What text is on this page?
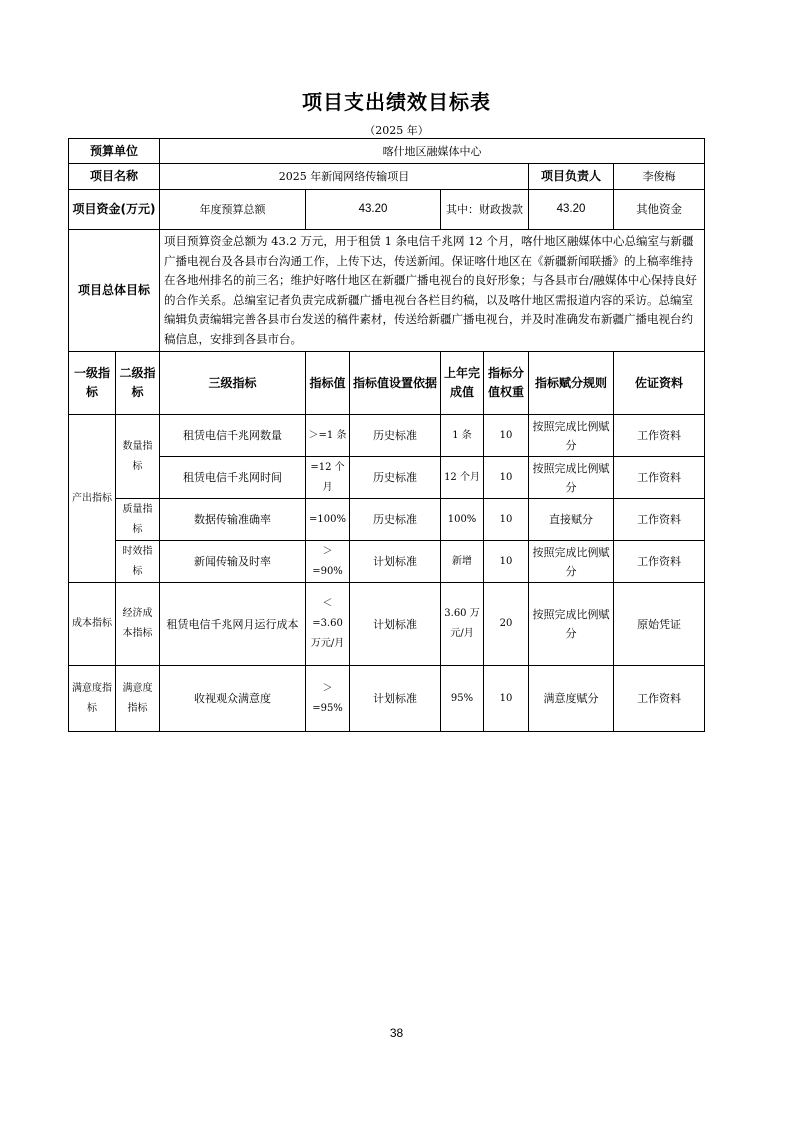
项目支出绩效目标表
（2025 年）
预算单位		喀什地区融媒体中心						
项目名称		2025 年新闻网络传输项目					项目负责人	李俊梅
项目资金(万元)		年度预算总额	43.20		其中：财政拨款		43.20	其他资金
项目总体目标		项目预算资金总额为 43.2 万元，用于租赁 1 条电信千兆网 12 个月，喀什地区融媒体中心总编室与新疆广播电视台及各县市台沟通工作，上传下达，传送新闻。保证喀什地区在《新疆新闻联播》的上稿率维持在各地州排名的前三名；维护好喀什地区在新疆广播电视台的良好形象；与各县市台/融媒体中心保持良好的合作关系。总编室记者负责完成新疆广播电视台各栏目约稿，以及喀什地区需报道内容的采访。总编室编辑负责编辑完善各县市台发送的稿件素材，传送给新疆广播电视台，并及时准确发布新疆广播电视台约稿信息，安排到各县市台。						
一级指标	二级指标	三级指标	指标值	指标值设置依据	上年完成值	指标分值权重	指标赋分规则	佐证资料
产出指标	数量指标	租赁电信千兆网数量	＞=1 条	历史标准	1 条	10	按照完成比例赋分	工作资料
		租赁电信千兆网时间	=12 个月	历史标准	12 个月	10	按照完成比例赋分	工作资料
	质量指标	数据传输准确率	=100%	历史标准	100%	10	直接赋分	工作资料
	时效指标	新闻传输及时率	＞=90%	计划标准	新增	10	按照完成比例赋分	工作资料
成本指标	经济成本指标	租赁电信千兆网月运行成本	＜=3.60 万元/月	计划标准	3.60 万元/月	20	按照完成比例赋分	原始凭证
满意度指标	满意度指标	收视观众满意度	＞=95%	计划标准	95%	10	满意度赋分	工作资料
38
